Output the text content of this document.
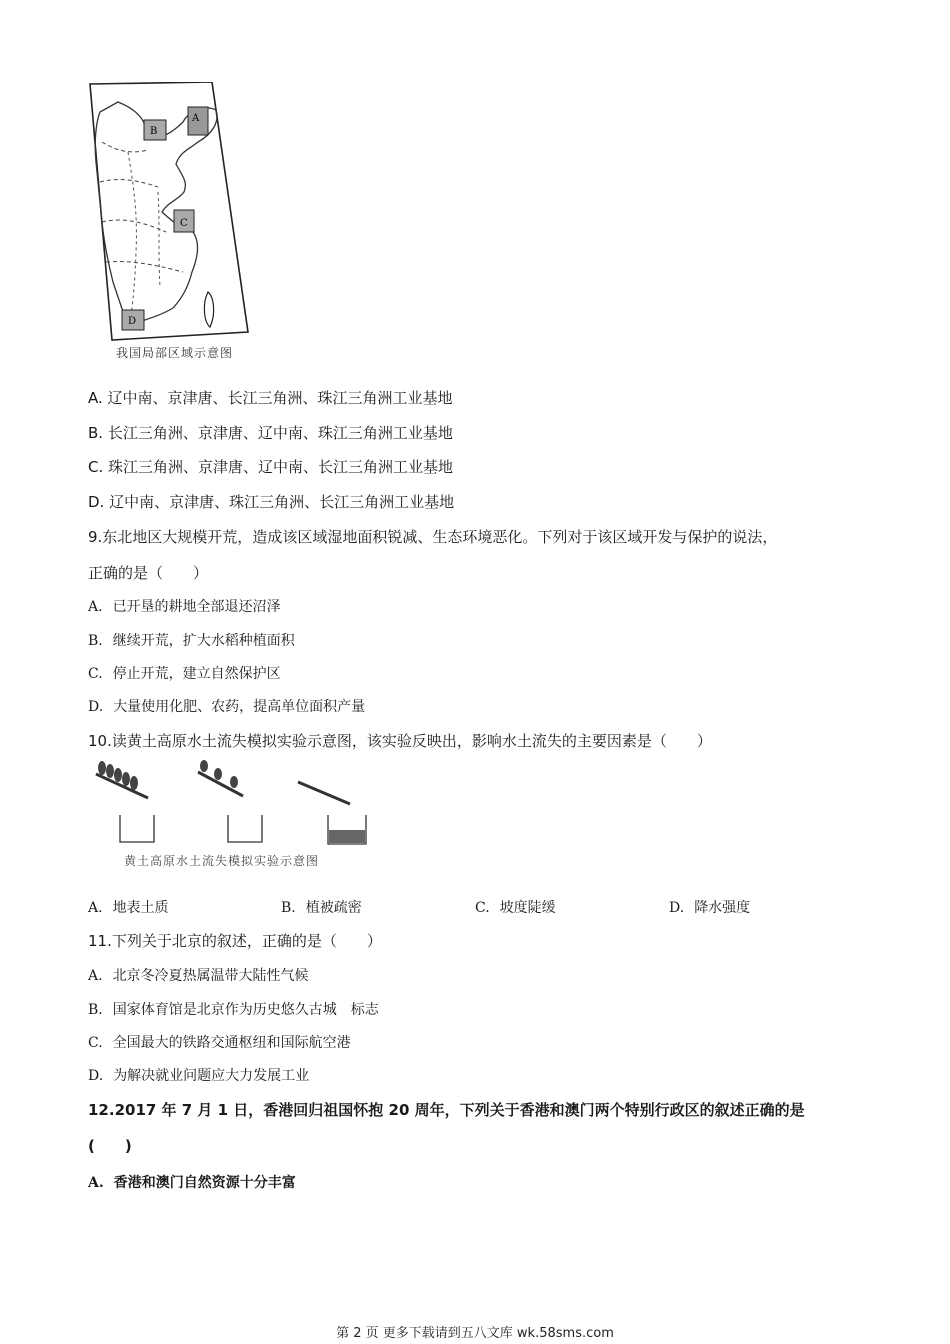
A
B
C
D
我国局部区域示意图
A. 辽中南、京津唐、长江三角洲、珠江三角洲工业基地
B. 长江三角洲、京津唐、辽中南、珠江三角洲工业基地
C. 珠江三角洲、京津唐、辽中南、长江三角洲工业基地
D. 辽中南、京津唐、珠江三角洲、长江三角洲工业基地
9.东北地区大规模开荒，造成该区域湿地面积锐减、生态环境恶化。下列对于该区域开发与保护的说法，
正确的是（　　）
A. 已开垦的耕地全部退还沼泽
B. 继续开荒，扩大水稻种植面积
C. 停止开荒，建立自然保护区
D. 大量使用化肥、农药，提高单位面积产量
10.读黄土高原水土流失模拟实验示意图，该实验反映出，影响水土流失的主要因素是（　　）
黄土高原水土流失模拟实验示意图
A. 地表土质	B. 植被疏密	C. 坡度陡缓	D. 降水强度
11.下列关于北京的叙述，正确的是（　　）
A. 北京冬冷夏热属温带大陆性气候
B. 国家体育馆是北京作为历史悠久古城　标志
C. 全国最大的铁路交通枢纽和国际航空港
D. 为解决就业问题应大力发展工业
12.2017 年 7 月 1 日，香港回归祖国怀抱 20 周年，下列关于香港和澳门两个特别行政区的叙述正确的是
(　　)
A. 香港和澳门自然资源十分丰富
第 2 页 更多下载请到五八文库 wk.58sms.com
